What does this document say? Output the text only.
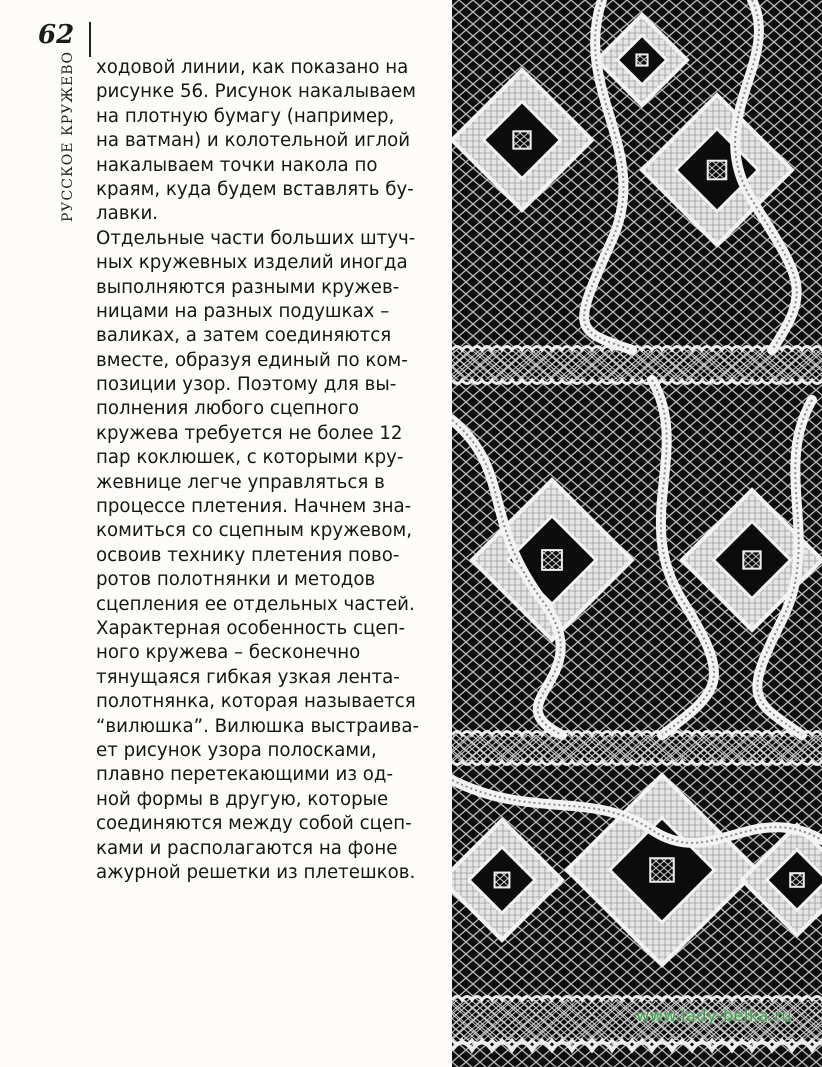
62
РУССКОЕ КРУЖЕВО ходовой линии, как показано на
рисунке 56. Рисунок накалываем
на плотную бумагу (например,
на ватман) и колотельной иглой
накалываем точки накола по
краям, куда будем вставлять бу-
лавки.
Отдельные части больших штуч-
ных кружевных изделий иногда
выполняются разными кружев-
ницами на разных подушках –
валиках, а затем соединяются
вместе, образуя единый по ком-
позиции узор. Поэтому для вы-
полнения любого сцепного
кружева требуется не более 12
пар коклюшек, с которыми кру-
жевнице легче управляться в
процессе плетения. Начнем зна-
комиться со сцепным кружевом,
освоив технику плетения пово-
ротов полотнянки и методов
сцепления ее отдельных частей.
Характерная особенность сцеп-
ного кружева – бесконечно
тянущаяся гибкая узкая лента-
полотнянка, которая называется
“вилюшка”. Вилюшка выстраива-
ет рисунок узора полосками,
плавно перетекающими из од-
ной формы в другую, которые
соединяются между собой сцеп-
ками и располагаются на фоне
ажурной решетки из плетешков.

www.lady-belka.ru
